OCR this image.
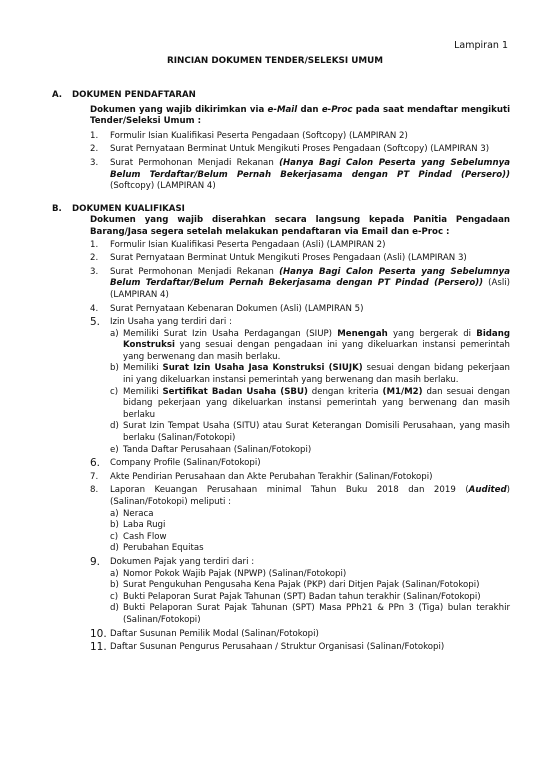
Lampiran 1
RINCIAN DOKUMEN TENDER/SELEKSI UMUM
A. DOKUMEN PENDAFTARAN
Dokumen yang wajib dikirimkan via e-Mail dan e-Proc pada saat mendaftar mengikuti Tender/Seleksi Umum :
1. Formulir Isian Kualifikasi Peserta Pengadaan (Softcopy) (LAMPIRAN 2)
2. Surat Pernyataan Berminat Untuk Mengikuti Proses Pengadaan (Softcopy) (LAMPIRAN 3)
3. Surat Permohonan Menjadi Rekanan (Hanya Bagi Calon Peserta yang Sebelumnya Belum Terdaftar/Belum Pernah Bekerjasama dengan PT Pindad (Persero)) (Softcopy) (LAMPIRAN 4)
B. DOKUMEN KUALIFIKASI
Dokumen yang wajib diserahkan secara langsung kepada Panitia Pengadaan Barang/Jasa segera setelah melakukan pendaftaran via Email dan e-Proc :
1. Formulir Isian Kualifikasi Peserta Pengadaan (Asli) (LAMPIRAN 2)
2. Surat Pernyataan Berminat Untuk Mengikuti Proses Pengadaan (Asli) (LAMPIRAN 3)
3. Surat Permohonan Menjadi Rekanan (Hanya Bagi Calon Peserta yang Sebelumnya Belum Terdaftar/Belum Pernah Bekerjasama dengan PT Pindad (Persero)) (Asli) (LAMPIRAN 4)
4. Surat Pernyataan Kebenaran Dokumen (Asli) (LAMPIRAN 5)
5. Izin Usaha yang terdiri dari :
a) Memiliki Surat Izin Usaha Perdagangan (SIUP) Menengah yang bergerak di Bidang Konstruksi yang sesuai dengan pengadaan ini yang dikeluarkan instansi pemerintah yang berwenang dan masih berlaku.
b) Memiliki Surat Izin Usaha Jasa Konstruksi (SIUJK) sesuai dengan bidang pekerjaan ini yang dikeluarkan instansi pemerintah yang berwenang dan masih berlaku.
c) Memiliki Sertifikat Badan Usaha (SBU) dengan kriteria (M1/M2) dan sesuai dengan bidang pekerjaan yang dikeluarkan instansi pemerintah yang berwenang dan masih berlaku
d) Surat Izin Tempat Usaha (SITU) atau Surat Keterangan Domisili Perusahaan, yang masih berlaku (Salinan/Fotokopi)
e) Tanda Daftar Perusahaan (Salinan/Fotokopi)
6. Company Profile (Salinan/Fotokopi)
7. Akte Pendirian Perusahaan dan Akte Perubahan Terakhir (Salinan/Fotokopi)
8. Laporan Keuangan Perusahaan minimal Tahun Buku 2018 dan 2019 (Audited) (Salinan/Fotokopi) meliputi :
a) Neraca
b) Laba Rugi
c) Cash Flow
d) Perubahan Equitas
9. Dokumen Pajak yang terdiri dari :
a) Nomor Pokok Wajib Pajak (NPWP) (Salinan/Fotokopi)
b) Surat Pengukuhan Pengusaha Kena Pajak (PKP) dari Ditjen Pajak (Salinan/Fotokopi)
c) Bukti Pelaporan Surat Pajak Tahunan (SPT) Badan tahun terakhir (Salinan/Fotokopi)
d) Bukti Pelaporan Surat Pajak Tahunan (SPT) Masa PPh21 & PPn 3 (Tiga) bulan terakhir (Salinan/Fotokopi)
10. Daftar Susunan Pemilik Modal (Salinan/Fotokopi)
11. Daftar Susunan Pengurus Perusahaan / Struktur Organisasi (Salinan/Fotokopi)
